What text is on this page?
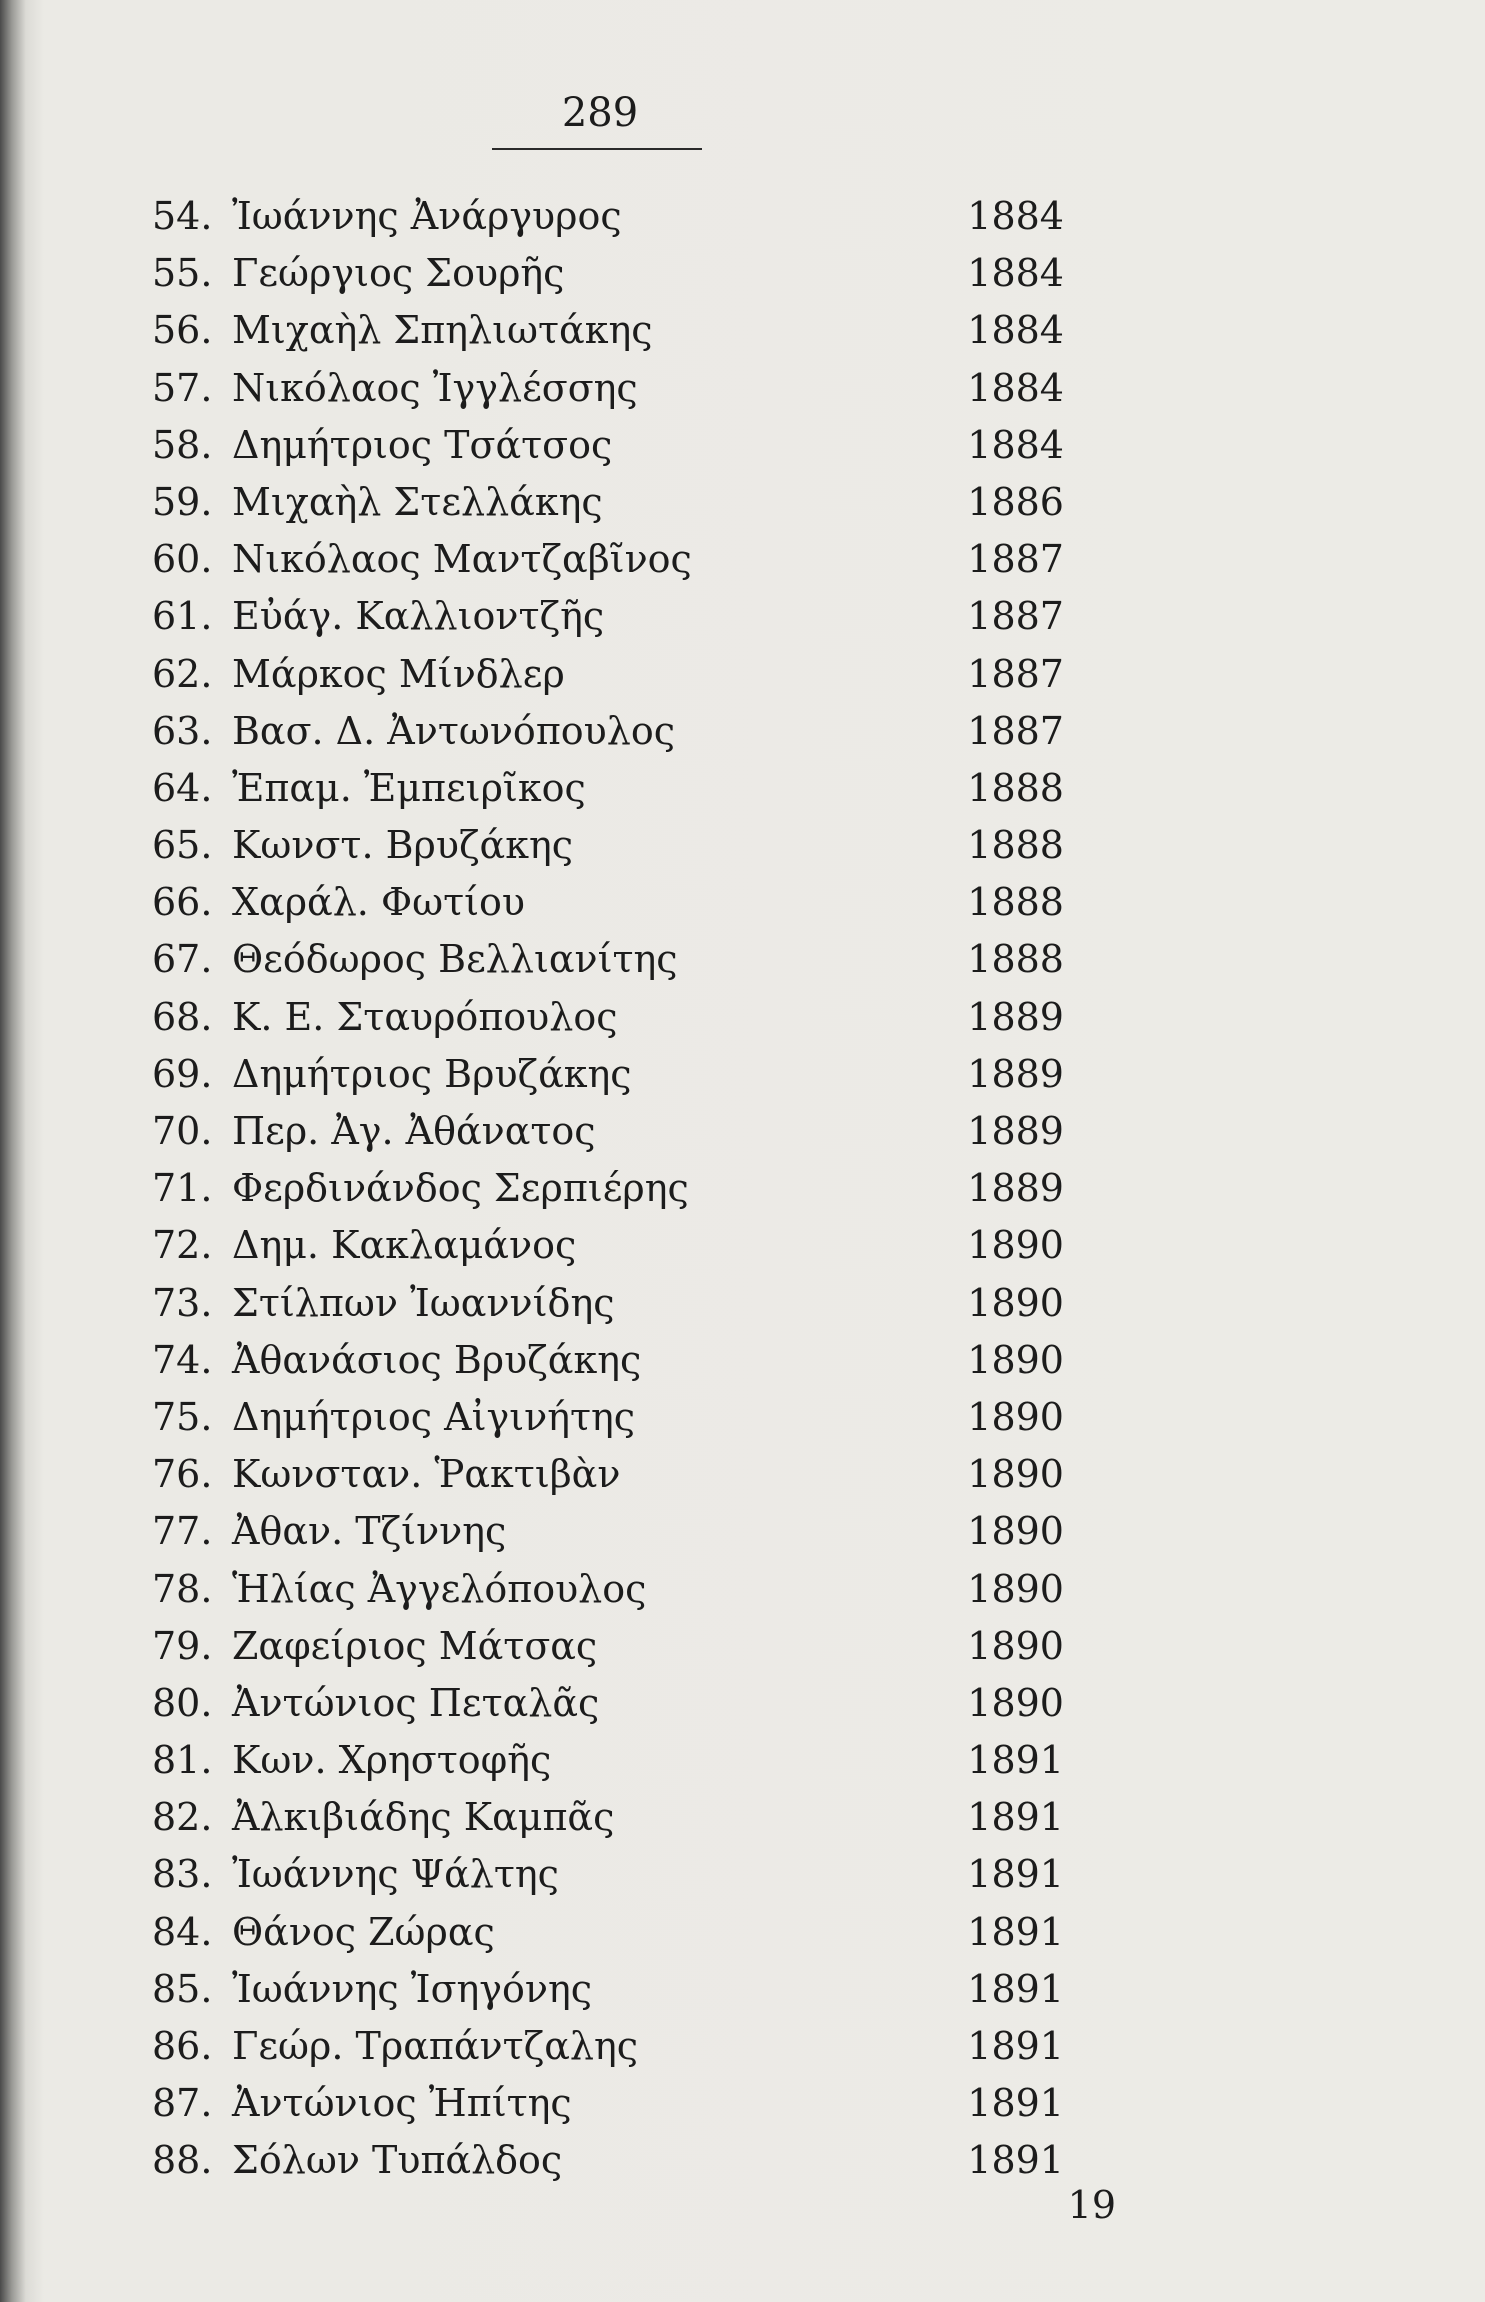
289
54. Ἰωάννης Ἀνάργυρος	1884
55. Γεώργιος Σουρῆς	1884
56. Μιχαὴλ Σπηλιωτάκης	1884
57. Νικόλαος Ἰγγλέσσης	1884
58. Δημήτριος Τσάτσος	1884
59. Μιχαὴλ Στελλάκης	1886
60. Νικόλαος Μαντζαβῖνος	1887
61. Εὐάγ. Καλλιοντζῆς	1887
62. Μάρκος Μίνδλερ	1887
63. Βασ. Δ. Ἀντωνόπουλος	1887
64. Ἐπαμ. Ἐμπειρῖκος	1888
65. Κωνστ. Βρυζάκης	1888
66. Χαράλ. Φωτίου	1888
67. Θεόδωρος Βελλιανίτης	1888
68. Κ. Ε. Σταυρόπουλος	1889
69. Δημήτριος Βρυζάκης	1889
70. Περ. Ἀγ. Ἀθάνατος	1889
71. Φερδινάνδος Σερπιέρης	1889
72. Δημ. Κακλαμάνος	1890
73. Στίλπων Ἰωαννίδης	1890
74. Ἀθανάσιος Βρυζάκης	1890
75. Δημήτριος Αἰγινήτης	1890
76. Κωνσταν. Ῥακτιβὰν	1890
77. Ἀθαν. Τζίννης	1890
78. Ἡλίας Ἀγγελόπουλος	1890
79. Ζαφείριος Μάτσας	1890
80. Ἀντώνιος Πεταλᾶς	1890
81. Κων. Χρηστοφῆς	1891
82. Ἀλκιβιάδης Καμπᾶς	1891
83. Ἰωάννης Ψάλτης	1891
84. Θάνος Ζώρας	1891
85. Ἰωάννης Ἰσηγόνης	1891
86. Γεώρ. Τραπάντζαλης	1891
87. Ἀντώνιος Ἠπίτης	1891
88. Σόλων Τυπάλδος	1891
19
